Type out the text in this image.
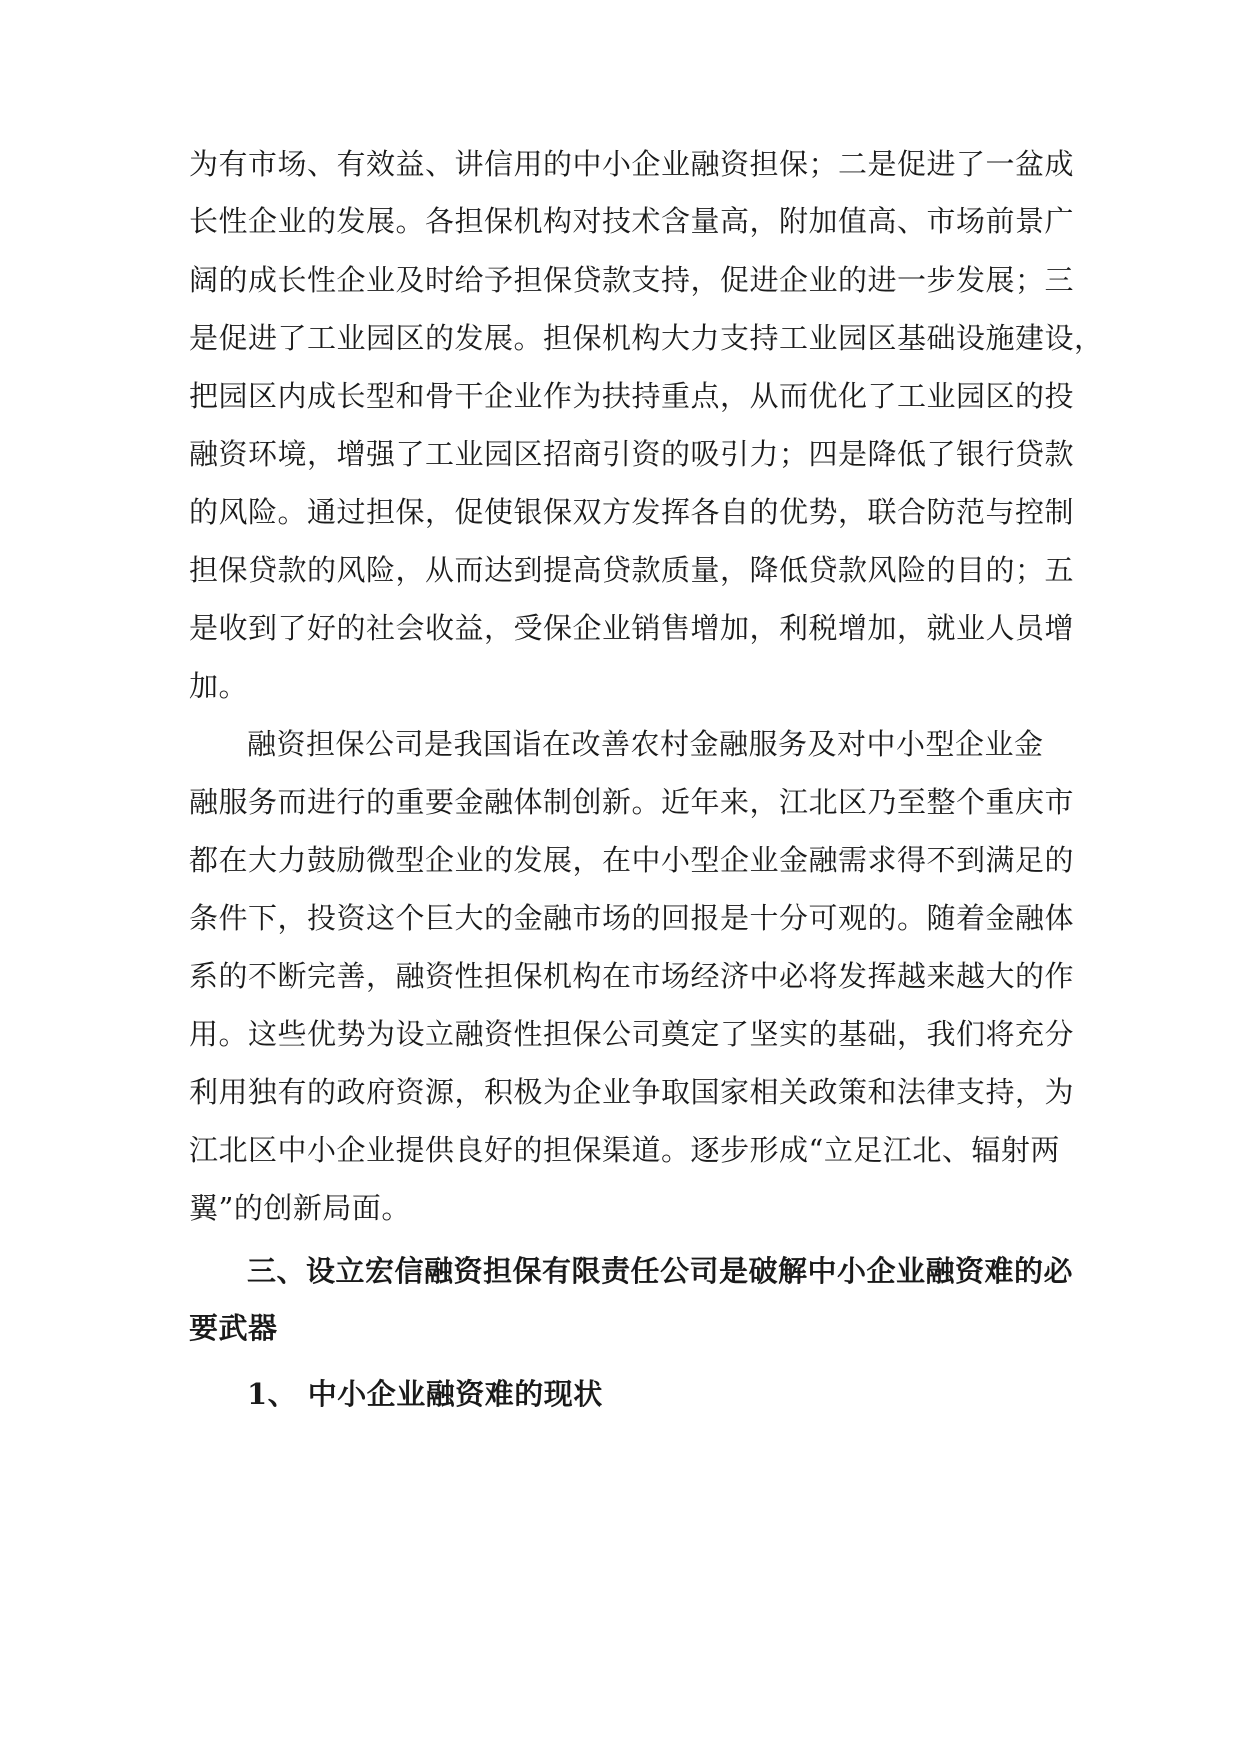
为有市场、有效益、讲信用的中小企业融资担保；二是促进了一盆成
长性企业的发展。各担保机构对技术含量高，附加值高、市场前景广
阔的成长性企业及时给予担保贷款支持，促进企业的进一步发展；三
是促进了工业园区的发展。担保机构大力支持工业园区基础设施建设，
把园区内成长型和骨干企业作为扶持重点，从而优化了工业园区的投
融资环境，增强了工业园区招商引资的吸引力；四是降低了银行贷款
的风险。通过担保，促使银保双方发挥各自的优势，联合防范与控制
担保贷款的风险，从而达到提高贷款质量，降低贷款风险的目的；五
是收到了好的社会收益，受保企业销售增加，利税增加，就业人员增
加。
融资担保公司是我国诣在改善农村金融服务及对中小型企业金
融服务而进行的重要金融体制创新。近年来，江北区乃至整个重庆市
都在大力鼓励微型企业的发展，在中小型企业金融需求得不到满足的
条件下，投资这个巨大的金融市场的回报是十分可观的。随着金融体
系的不断完善，融资性担保机构在市场经济中必将发挥越来越大的作
用。这些优势为设立融资性担保公司奠定了坚实的基础，我们将充分
利用独有的政府资源，积极为企业争取国家相关政策和法律支持，为
江北区中小企业提供良好的担保渠道。逐步形成“立足江北、辐射两
翼”的创新局面。
三、设立宏信融资担保有限责任公司是破解中小企业融资难的必
要武器
1、 中小企业融资难的现状
